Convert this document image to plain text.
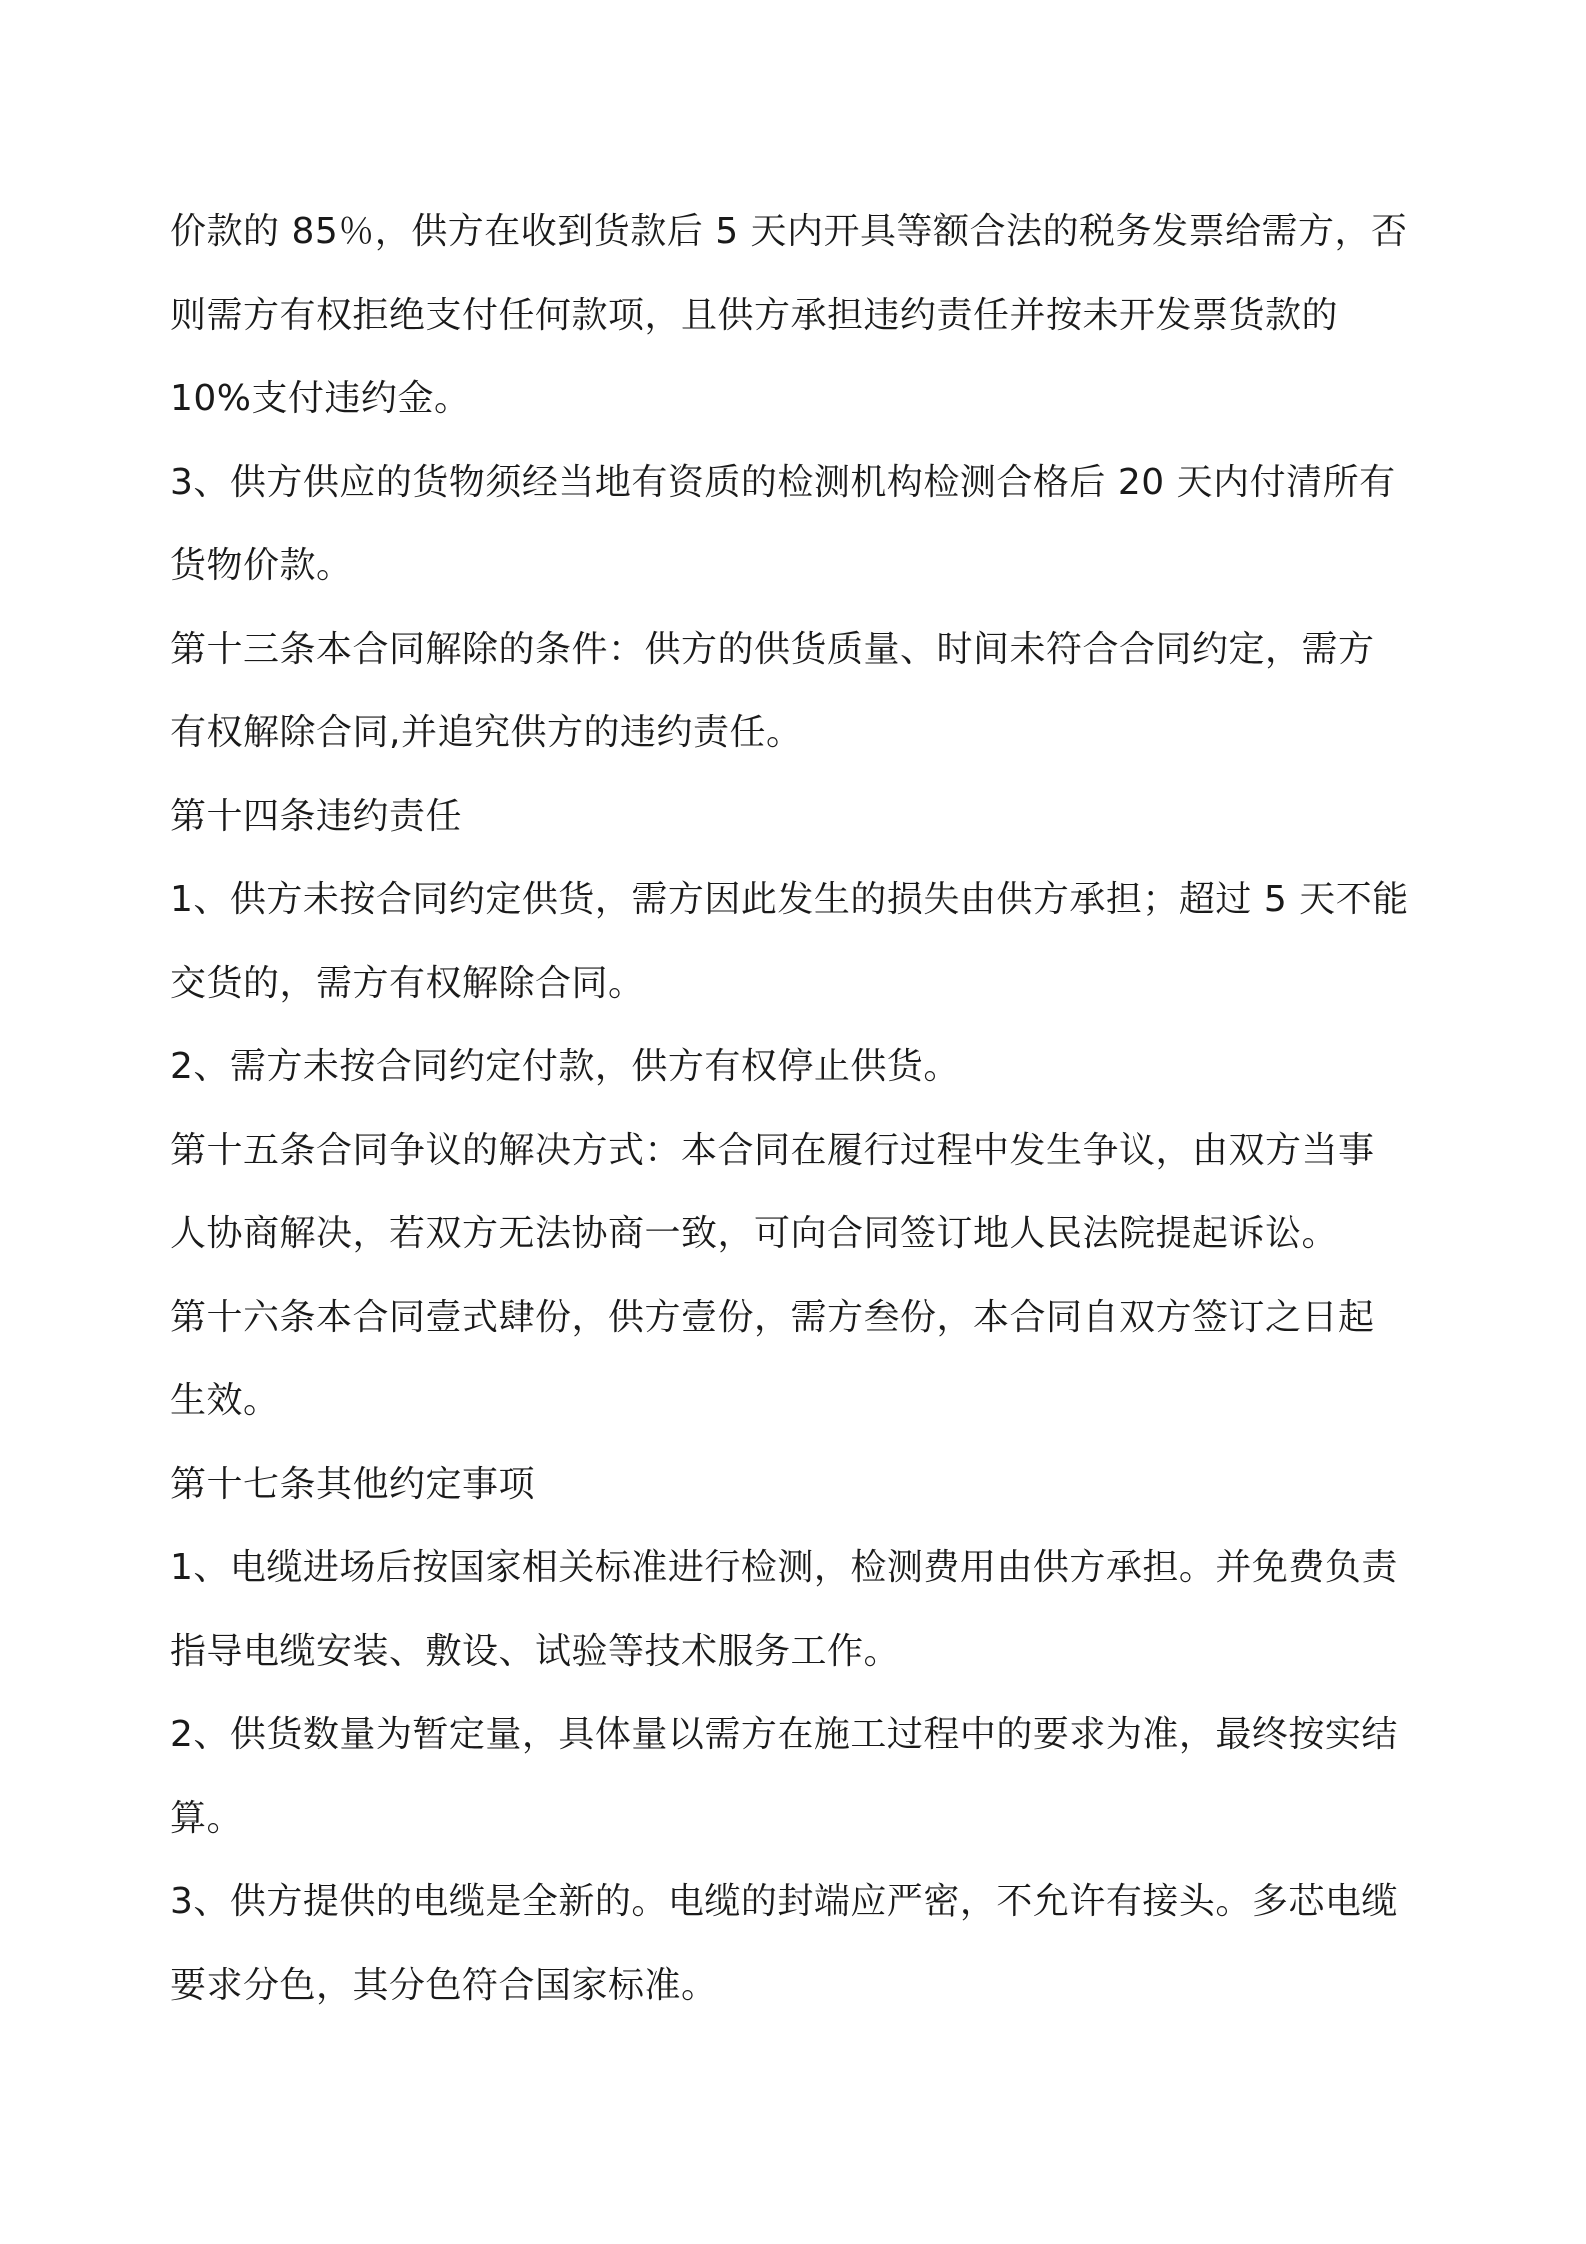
价款的 85％，供方在收到货款后 5 天内开具等额合法的税务发票给需方，否
则需方有权拒绝支付任何款项，且供方承担违约责任并按未开发票货款的
10%支付违约金。
3、供方供应的货物须经当地有资质的检测机构检测合格后 20 天内付清所有
货物价款。
第十三条本合同解除的条件：供方的供货质量、时间未符合合同约定，需方
有权解除合同,并追究供方的违约责任。
第十四条违约责任
1、供方未按合同约定供货，需方因此发生的损失由供方承担；超过 5 天不能
交货的，需方有权解除合同。
2、需方未按合同约定付款，供方有权停止供货。
第十五条合同争议的解决方式：本合同在履行过程中发生争议，由双方当事
人协商解决，若双方无法协商一致，可向合同签订地人民法院提起诉讼。
第十六条本合同壹式肆份，供方壹份，需方叁份，本合同自双方签订之日起
生效。
第十七条其他约定事项
1、电缆进场后按国家相关标准进行检测，检测费用由供方承担。并免费负责
指导电缆安装、敷设、试验等技术服务工作。
2、供货数量为暂定量，具体量以需方在施工过程中的要求为准，最终按实结
算。
3、供方提供的电缆是全新的。电缆的封端应严密，不允许有接头。多芯电缆
要求分色，其分色符合国家标准。
